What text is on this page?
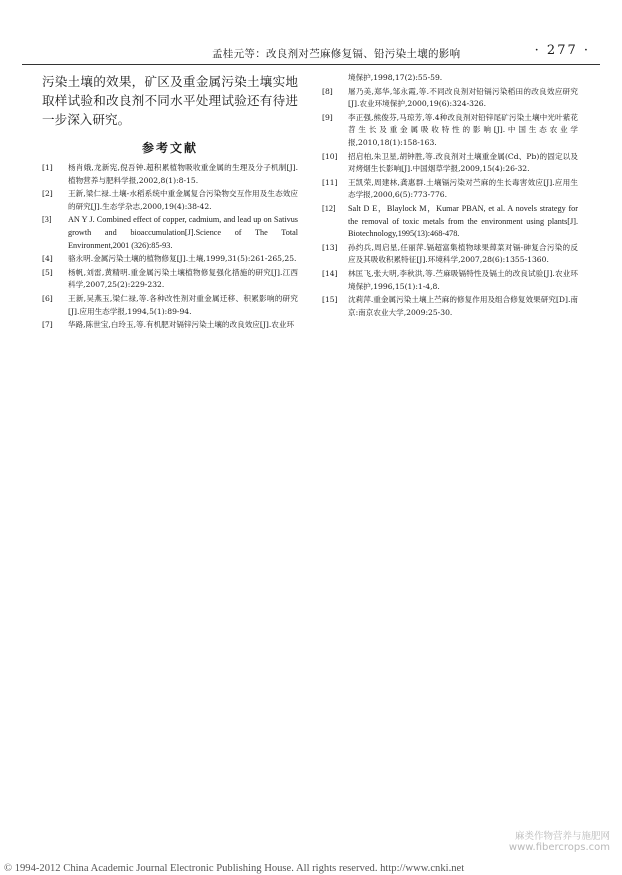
孟桂元等：改良剂对苎麻修复镉、铅污染土壤的影响	· 277 ·

污染土壤的效果，矿区及重金属污染土壤实地取样试验和改良剂不同水平处理试验还有待进一步深入研究。

参考文献
[1] 杨肖娥,龙新宪,倪吾钟.超积累植物吸收重金属的生理及分子机制[J].植物营养与肥料学报,2002,8(1):8-15.
[2] 王新,梁仁禄.土壤-水稻系统中重金属复合污染物交互作用及生态效应的研究[J].生态学杂志,2000,19(4):38-42.
[3] AN Y J. Combined effect of copper, cadmium, and lead up on Sativus growth and bioaccumulation[J].Science of The Total Environment,2001 (326):85-93.
[4] 骆永明.金属污染土壤的植物修复[J].土壤,1999,31(5):261-265,25.
[5] 杨帆,刘雷,黄精明.重金属污染土壤植物修复强化措施的研究[J].江西科学,2007,25(2):229-232.
[6] 王新,吴燕玉,梁仁禄,等.各种改性剂对重金属迁移、积累影响的研究[J].应用生态学报,1994,5(1):89-94.
[7] 华路,陈世宝,白玲玉,等.有机肥对镉锌污染土壤的改良效应[J].农业环
境保护,1998,17(2):55-59.
[8] 屠乃美,郑华,邹永霞,等.不同改良剂对铅镉污染稻田的改良效应研究[J].农业环境保护,2000,19(6):324-326.
[9] 李正强,熊俊芬,马琼芳,等.4种改良剂对铅锌尾矿污染土壤中光叶紫花苕生长及重金属吸收特性的影响[J].中国生态农业学报,2010,18(1):158-163.
[10] 招启柏,朱卫星,胡钟胜,等.改良剂对土壤重金属(Cd、Pb)的固定以及对烤烟生长影响[J].中国烟草学报,2009,15(4):26-32.
[11] 王凯荣,周建林,龚惠群.土壤镉污染对苎麻的生长毒害效应[J].应用生态学报,2000,6(5):773-776.
[12] Salt D E，Blaylock M，Kumar PBAN, et al. A novels strategy for the removal of toxic metals from the environment using plants[J]. Biotechnology,1995(13):468-478.
[13] 孙约兵,周启星,任丽萍.镉超富集植物球果蔊菜对镉-砷复合污染的反应及其吸收积累特征[J].环境科学,2007,28(6):1355-1360.
[14] 林匡飞,张大明,李秋洪,等.苎麻吸镉特性及镉土的改良试验[J].农业环境保护,1996,15(1):1-4,8.
[15] 沈莉萍.重金属污染土壤上苎麻的修复作用及组合修复效果研究[D].南京:南京农业大学,2009:25-30.
麻类作物营养与施肥网
www.fibercrops.com
© 1994-2012 China Academic Journal Electronic Publishing House. All rights reserved. http://www.cnki.net
